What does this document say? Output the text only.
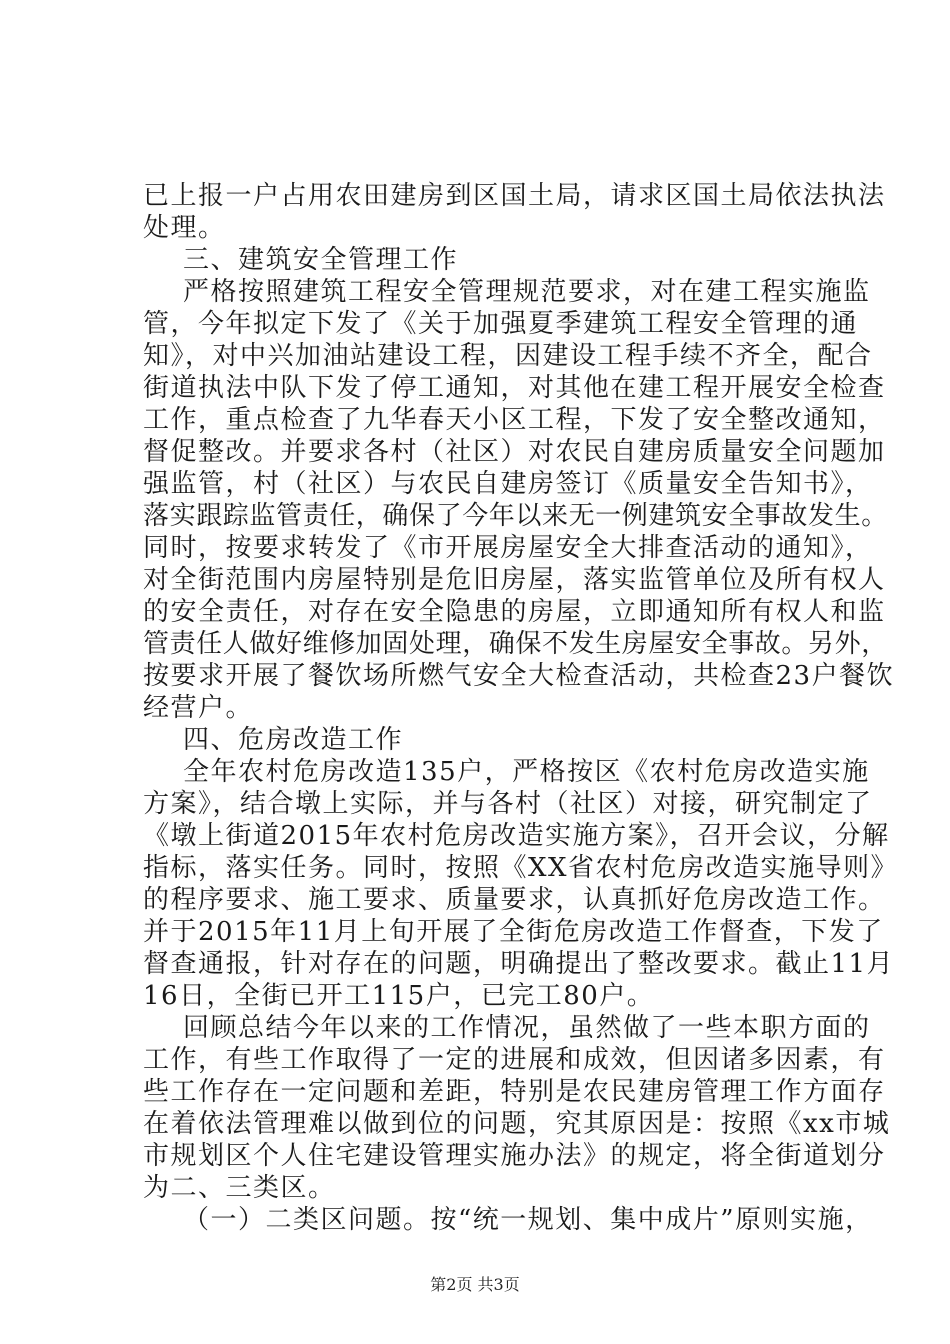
已上报一户占用农田建房到区国土局，请求区国土局依法执法
处理。
三、建筑安全管理工作
严格按照建筑工程安全管理规范要求，对在建工程实施监
管，今年拟定下发了《关于加强夏季建筑工程安全管理的通
知》，对中兴加油站建设工程，因建设工程手续不齐全，配合
街道执法中队下发了停工通知，对其他在建工程开展安全检查
工作，重点检查了九华春天小区工程，下发了安全整改通知，
督促整改。并要求各村（社区）对农民自建房质量安全问题加
强监管，村（社区）与农民自建房签订《质量安全告知书》，
落实跟踪监管责任，确保了今年以来无一例建筑安全事故发生。
同时，按要求转发了《市开展房屋安全大排查活动的通知》，
对全街范围内房屋特别是危旧房屋，落实监管单位及所有权人
的安全责任，对存在安全隐患的房屋，立即通知所有权人和监
管责任人做好维修加固处理，确保不发生房屋安全事故。另外，
按要求开展了餐饮场所燃气安全大检查活动，共检查23户餐饮
经营户。
四、危房改造工作
全年农村危房改造135户，严格按区《农村危房改造实施
方案》，结合墩上实际，并与各村（社区）对接，研究制定了
《墩上街道2015年农村危房改造实施方案》，召开会议，分解
指标，落实任务。同时，按照《XX省农村危房改造实施导则》
的程序要求、施工要求、质量要求，认真抓好危房改造工作。
并于2015年11月上旬开展了全街危房改造工作督查，下发了
督查通报，针对存在的问题，明确提出了整改要求。截止11月
16日，全街已开工115户，已完工80户。
回顾总结今年以来的工作情况，虽然做了一些本职方面的
工作，有些工作取得了一定的进展和成效，但因诸多因素，有
些工作存在一定问题和差距，特别是农民建房管理工作方面存
在着依法管理难以做到位的问题，究其原因是：按照《xx市城
市规划区个人住宅建设管理实施办法》的规定，将全街道划分
为二、三类区。
（一）二类区问题。按“统一规划、集中成片”原则实施，
第2页 共3页
